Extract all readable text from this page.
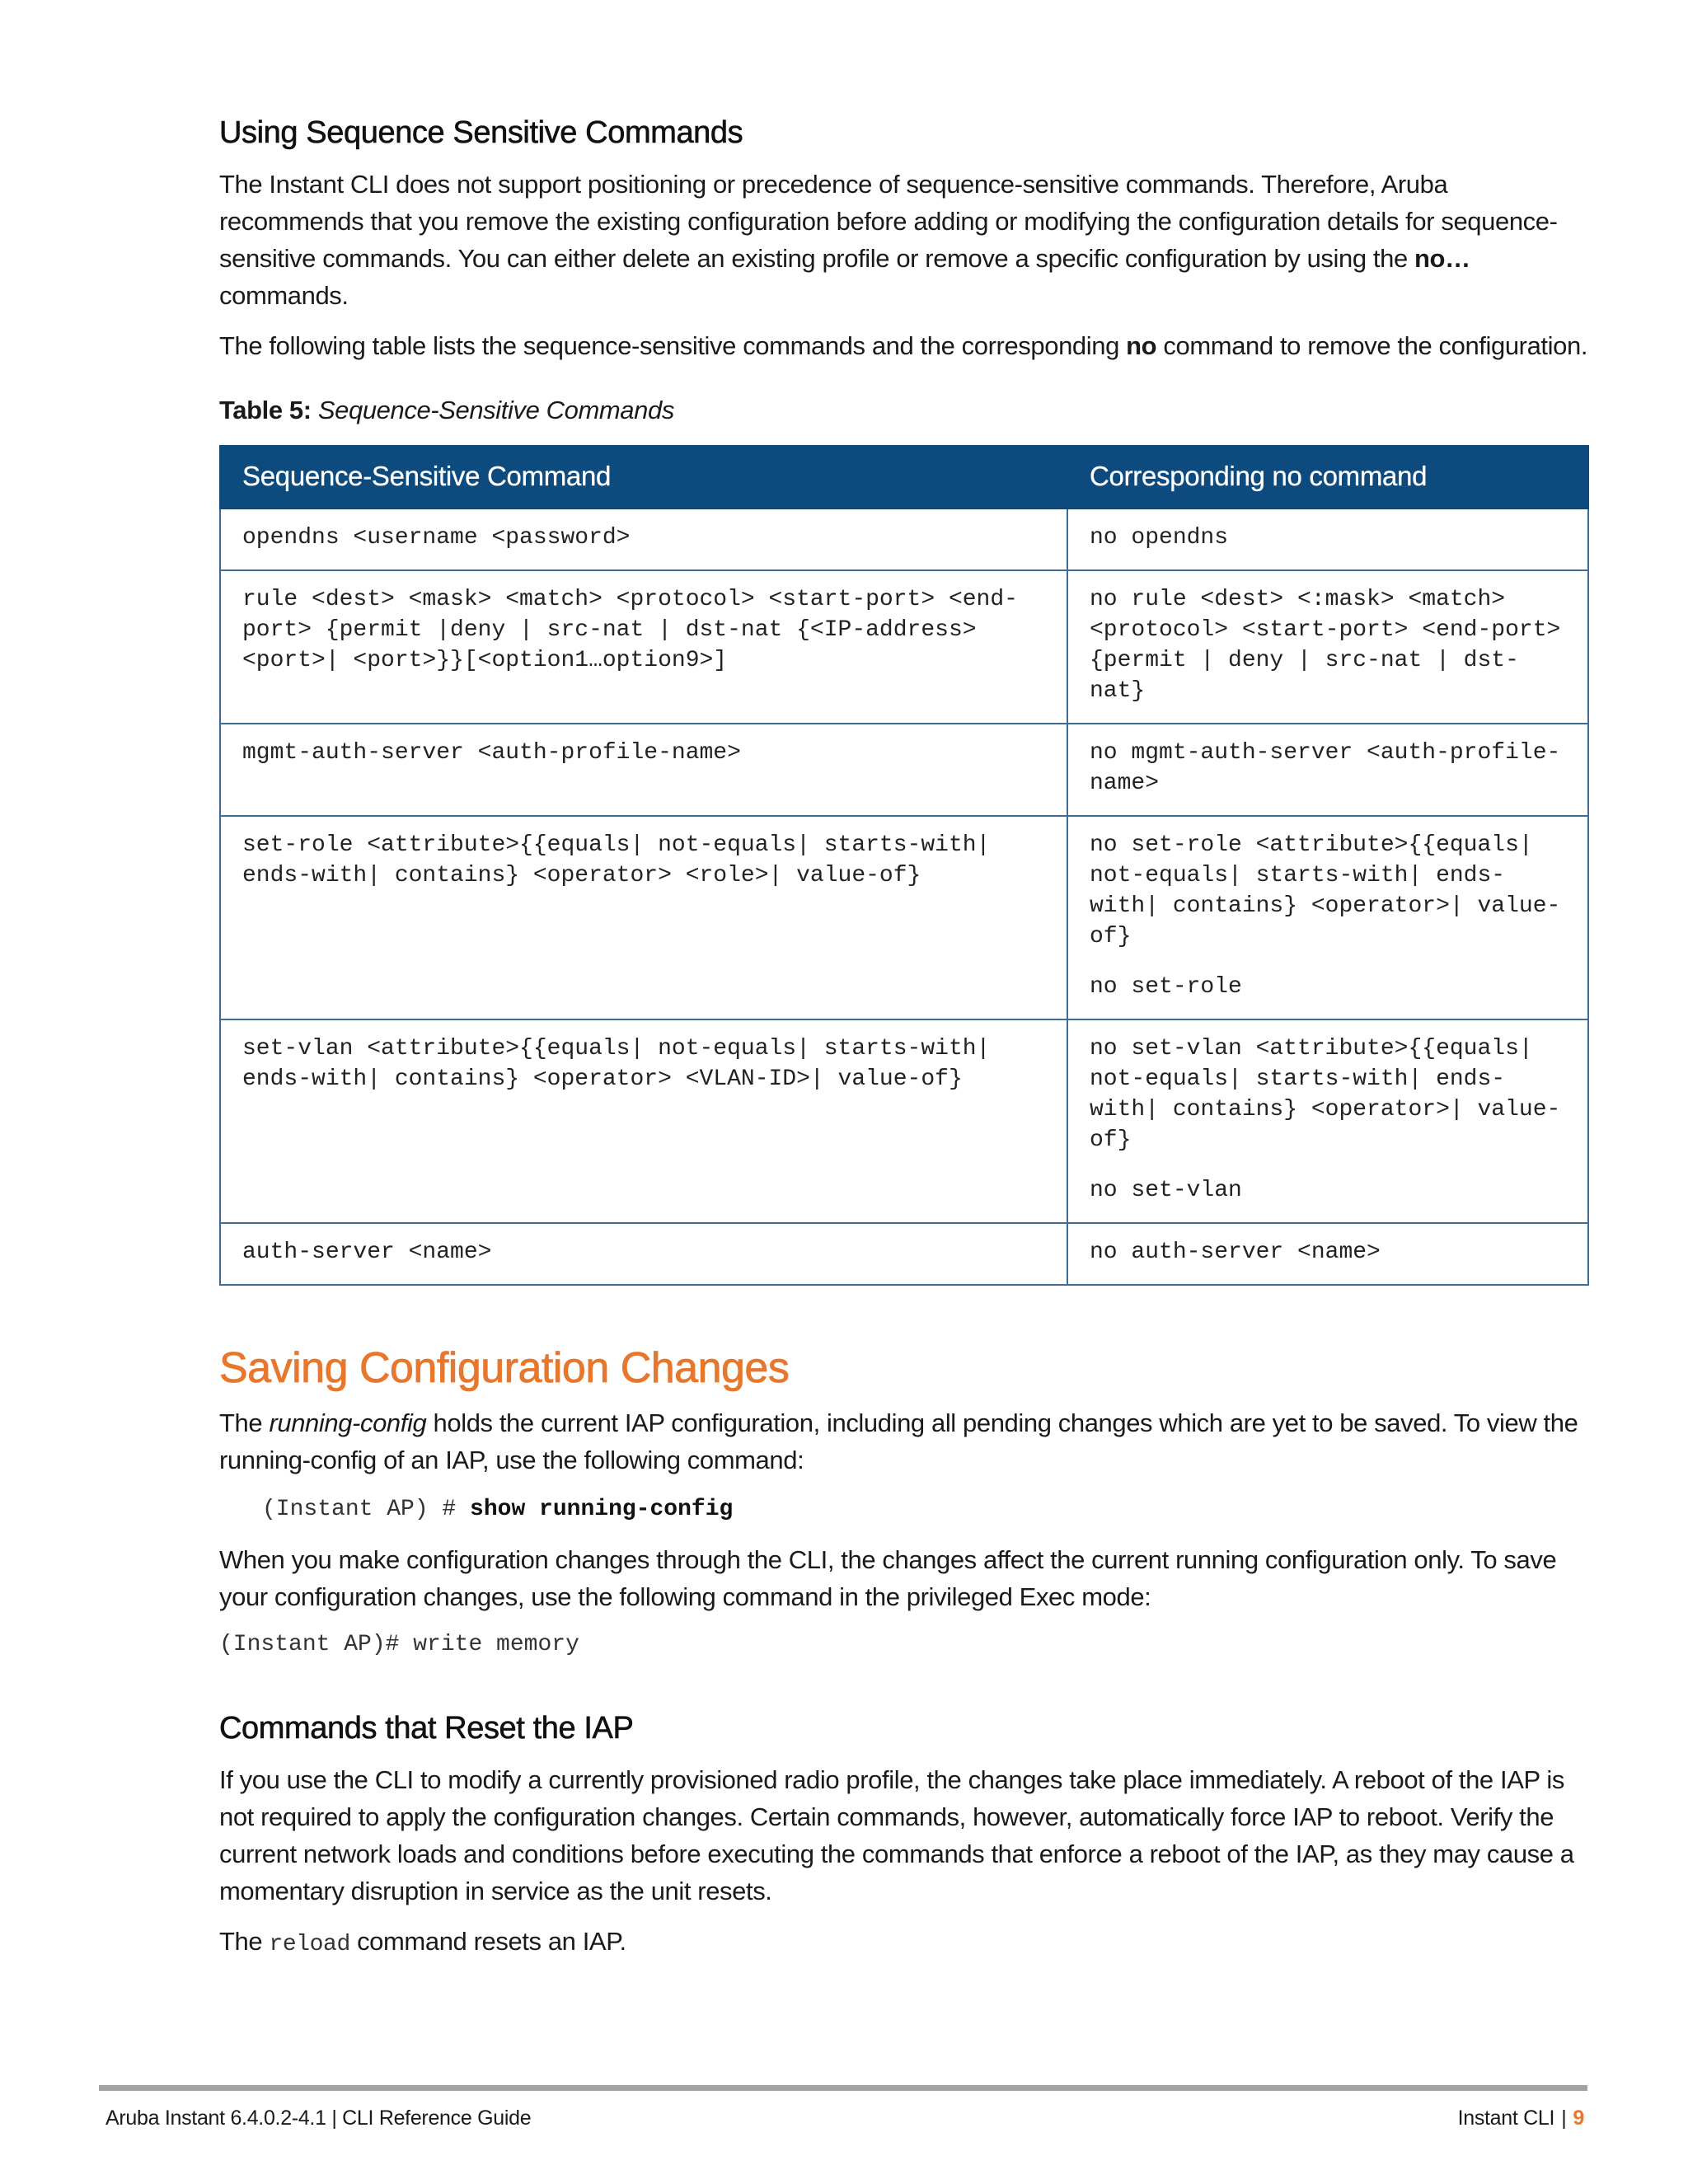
Using Sequence Sensitive Commands

The Instant CLI does not support positioning or precedence of sequence-sensitive commands. Therefore, Aruba recommends that you remove the existing configuration before adding or modifying the configuration details for sequence-sensitive commands. You can either delete an existing profile or remove a specific configuration by using the no… commands.

The following table lists the sequence-sensitive commands and the corresponding no command to remove the configuration.

Table 5: Sequence-Sensitive Commands
Sequence-Sensitive Command	Corresponding no command
opendns <username <password>	no opendns

rule <dest> <mask> <match> <protocol> <start-port> <end-port> {permit |deny | src-nat | dst-nat {<IP-address> <port>| <port>}}[<option1…option9>]	no rule <dest> <:mask> <match> <protocol> <start-port> <end-port> {permit | deny | src-nat | dst-nat}

mgmt-auth-server <auth-profile-name>	no mgmt-auth-server <auth-profile-name>

set-role <attribute>{{equals| not-equals| starts-with| ends-with| contains} <operator> <role>| value-of}	no set-role <attribute>{{equals| not-equals| starts-with| ends-with| contains} <operator>| value-of}
no set-role

set-vlan <attribute>{{equals| not-equals| starts-with| ends-with| contains} <operator> <VLAN-ID>| value-of}	no set-vlan <attribute>{{equals| not-equals| starts-with| ends-with| contains} <operator>| value-of}
no set-vlan

auth-server <name>	no auth-server <name>
Saving Configuration Changes

The running-config holds the current IAP configuration, including all pending changes which are yet to be saved. To view the running-config of an IAP, use the following command:

(Instant AP) # show running-config

When you make configuration changes through the CLI, the changes affect the current running configuration only. To save your configuration changes, use the following command in the privileged Exec mode:

(Instant AP)# write memory
Commands that Reset the IAP

If you use the CLI to modify a currently provisioned radio profile, the changes take place immediately. A reboot of the IAP is not required to apply the configuration changes. Certain commands, however, automatically force IAP to reboot. Verify the current network loads and conditions before executing the commands that enforce a reboot of the IAP, as they may cause a momentary disruption in service as the unit resets.

The reload command resets an IAP.

Aruba Instant 6.4.0.2-4.1 | CLI Reference Guide	Instant CLI | 9
